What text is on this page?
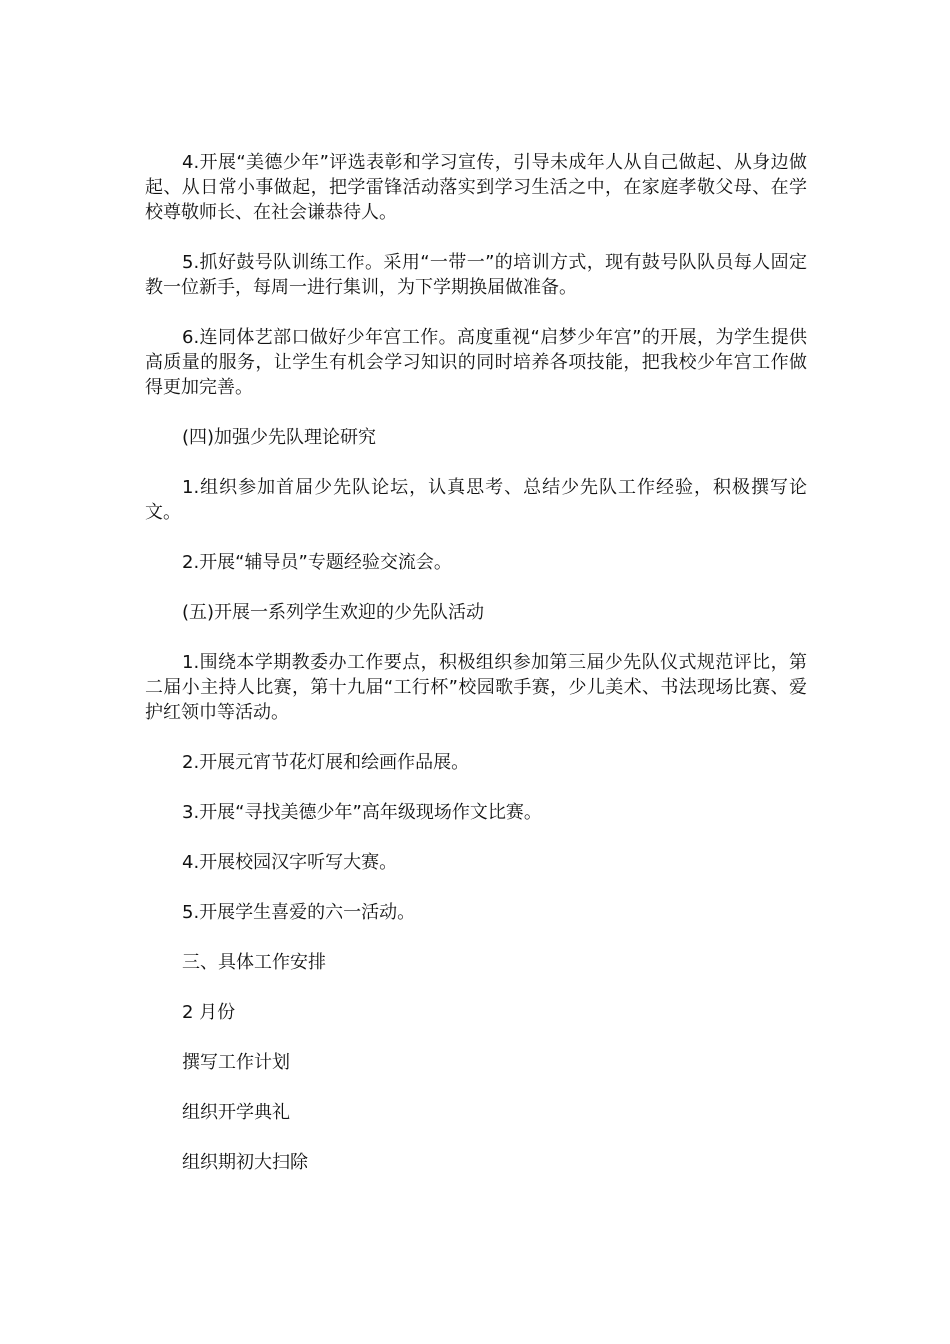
4.开展“美德少年”评选表彰和学习宣传，引导未成年人从自己做起、从身边做起、从日常小事做起，把学雷锋活动落实到学习生活之中，在家庭孝敬父母、在学校尊敬师长、在社会谦恭待人。

5.抓好鼓号队训练工作。采用“一带一”的培训方式，现有鼓号队队员每人固定教一位新手，每周一进行集训，为下学期换届做准备。

6.连同体艺部口做好少年宫工作。高度重视“启梦少年宫”的开展，为学生提供高质量的服务，让学生有机会学习知识的同时培养各项技能，把我校少年宫工作做得更加完善。

(四)加强少先队理论研究

1.组织参加首届少先队论坛，认真思考、总结少先队工作经验，积极撰写论文。

2.开展“辅导员”专题经验交流会。

(五)开展一系列学生欢迎的少先队活动

1.围绕本学期教委办工作要点，积极组织参加第三届少先队仪式规范评比，第二届小主持人比赛，第十九届“工行杯”校园歌手赛，少儿美术、书法现场比赛、爱护红领巾等活动。

2.开展元宵节花灯展和绘画作品展。

3.开展“寻找美德少年”高年级现场作文比赛。

4.开展校园汉字听写大赛。

5.开展学生喜爱的六一活动。

三、具体工作安排

2 月份

撰写工作计划

组织开学典礼

组织期初大扫除
